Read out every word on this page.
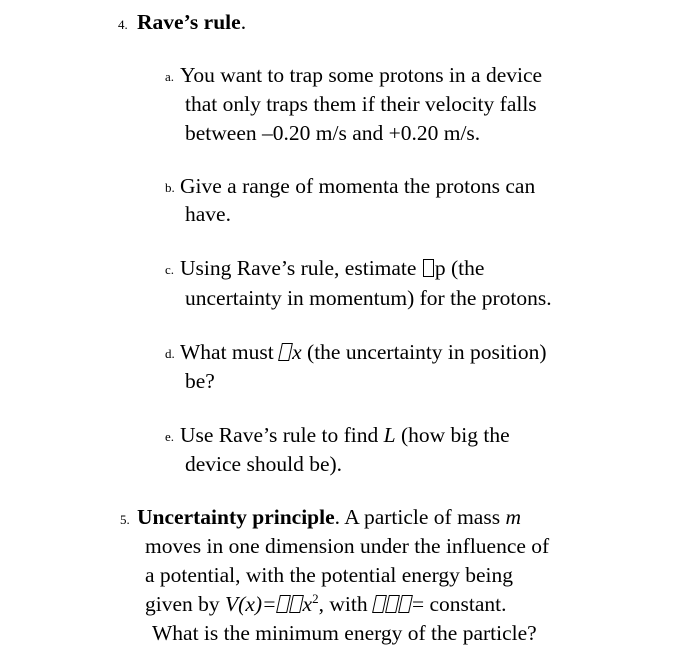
4. Rave’s rule.
a. You want to trap some protons in a device
that only traps them if their velocity falls
between –0.20 m/s and +0.20 m/s.
b. Give a range of momenta the protons can
have.
c. Using Rave’s rule, estimate p (the
uncertainty in momentum) for the protons.
d. What must x (the uncertainty in position)
be?
e. Use Rave’s rule to find L (how big the
device should be).
5. Uncertainty principle. A particle of mass m
moves in one dimension under the influence of
a potential, with the potential energy being
given by $V(x)= x^2$, with = constant.
What is the minimum energy of the particle?
